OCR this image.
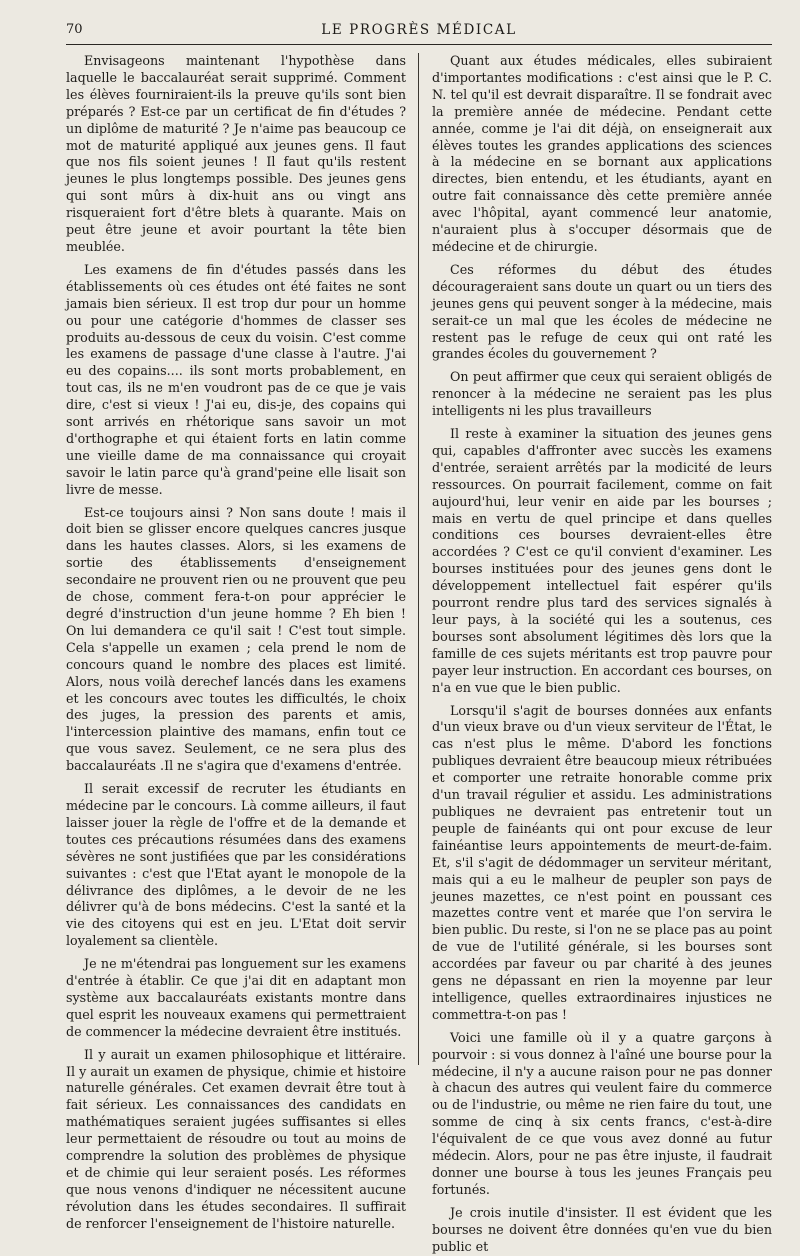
70	LE PROGRÈS MÉDICAL

Envisageons maintenant l'hypothèse dans laquelle le baccalauréat serait supprimé. Comment les élèves fourniraient-ils la preuve qu'ils sont bien préparés ? Est-ce par un certificat de fin d'études ? un diplôme de maturité ? Je n'aime pas beaucoup ce mot de maturité appliqué aux jeunes gens. Il faut que nos fils soient jeunes ! Il faut qu'ils restent jeunes le plus longtemps possible. Des jeunes gens qui sont mûrs à dix-huit ans ou vingt ans risqueraient fort d'être blets à quarante. Mais on peut être jeune et avoir pourtant la tête bien meublée.

Les examens de fin d'études passés dans les établissements où ces études ont été faites ne sont jamais bien sérieux. Il est trop dur pour un homme ou pour une catégorie d'hommes de classer ses produits au-dessous de ceux du voisin. C'est comme les examens de passage d'une classe à l'autre. J'ai eu des copains.... ils sont morts probablement, en tout cas, ils ne m'en voudront pas de ce que je vais dire, c'est si vieux ! J'ai eu, dis-je, des copains qui sont arrivés en rhétorique sans savoir un mot d'orthographe et qui étaient forts en latin comme une vieille dame de ma connaissance qui croyait savoir le latin parce qu'à grand'peine elle lisait son livre de messe.

Est-ce toujours ainsi ? Non sans doute ! mais il doit bien se glisser encore quelques cancres jusque dans les hautes classes. Alors, si les examens de sortie des établissements d'enseignement secondaire ne prouvent rien ou ne prouvent que peu de chose, comment fera-t-on pour apprécier le degré d'instruction d'un jeune homme ? Eh bien ! On lui demandera ce qu'il sait ! C'est tout simple. Cela s'appelle un examen ; cela prend le nom de concours quand le nombre des places est limité. Alors, nous voilà derechef lancés dans les examens et les concours avec toutes les difficultés, le choix des juges, la pression des parents et amis, l'intercession plaintive des mamans, enfin tout ce que vous savez. Seulement, ce ne sera plus des baccalauréats .Il ne s'agira que d'examens d'entrée.

Il serait excessif de recruter les étudiants en médecine par le concours. Là comme ailleurs, il faut laisser jouer la règle de l'offre et de la demande et toutes ces précautions résumées dans des examens sévères ne sont justifiées que par les considérations suivantes : c'est que l'Etat ayant le monopole de la délivrance des diplômes, a le devoir de ne les délivrer qu'à de bons médecins. C'est la santé et la vie des citoyens qui est en jeu. L'Etat doit servir loyalement sa clientèle.

Je ne m'étendrai pas longuement sur les examens d'entrée à établir. Ce que j'ai dit en adaptant mon système aux baccalauréats existants montre dans quel esprit les nouveaux examens qui permettraient de commencer la médecine devraient être institués.

Il y aurait un examen philosophique et littéraire. Il y aurait un examen de physique, chimie et histoire naturelle générales. Cet examen devrait être tout à fait sérieux. Les connaissances des candidats en mathématiques seraient jugées suffisantes si elles leur permettaient de résoudre ou tout au moins de comprendre la solution des problèmes de physique et de chimie qui leur seraient posés. Les réformes que nous venons d'indiquer ne nécessitent aucune révolution dans les études secondaires. Il suffirait de renforcer l'enseignement de l'histoire naturelle.

Quant aux études médicales, elles subiraient d'importantes modifications : c'est ainsi que le P. C. N. tel qu'il est devrait disparaître. Il se fondrait avec la première année de médecine. Pendant cette année, comme je l'ai dit déjà, on enseignerait aux élèves toutes les grandes applications des sciences à la médecine en se bornant aux applications directes, bien entendu, et les étudiants, ayant en outre fait connaissance dès cette première année avec l'hôpital, ayant commencé leur anatomie, n'auraient plus à s'occuper désormais que de médecine et de chirurgie.

Ces réformes du début des études décourageraient sans doute un quart ou un tiers des jeunes gens qui peuvent songer à la médecine, mais serait-ce un mal que les écoles de médecine ne restent pas le refuge de ceux qui ont raté les grandes écoles du gouvernement ?

On peut affirmer que ceux qui seraient obligés de renoncer à la médecine ne seraient pas les plus intelligents ni les plus travailleurs

Il reste à examiner la situation des jeunes gens qui, capables d'affronter avec succès les examens d'entrée, seraient arrêtés par la modicité de leurs ressources. On pourrait facilement, comme on fait aujourd'hui, leur venir en aide par les bourses ; mais en vertu de quel principe et dans quelles conditions ces bourses devraient-elles être accordées ? C'est ce qu'il convient d'examiner. Les bourses instituées pour des jeunes gens dont le développement intellectuel fait espérer qu'ils pourront rendre plus tard des services signalés à leur pays, à la société qui les a soutenus, ces bourses sont absolument légitimes dès lors que la famille de ces sujets méritants est trop pauvre pour payer leur instruction. En accordant ces bourses, on n'a en vue que le bien public.

Lorsqu'il s'agit de bourses données aux enfants d'un vieux brave ou d'un vieux serviteur de l'État, le cas n'est plus le même. D'abord les fonctions publiques devraient être beaucoup mieux rétribuées et comporter une retraite honorable comme prix d'un travail régulier et assidu. Les administrations publiques ne devraient pas entretenir tout un peuple de fainéants qui ont pour excuse de leur fainéantise leurs appointements de meurt-de-faim. Et, s'il s'agit de dédommager un serviteur méritant, mais qui a eu le malheur de peupler son pays de jeunes mazettes, ce n'est point en poussant ces mazettes contre vent et marée que l'on servira le bien public. Du reste, si l'on ne se place pas au point de vue de l'utilité générale, si les bourses sont accordées par faveur ou par charité à des jeunes gens ne dépassant en rien la moyenne par leur intelligence, quelles extraordinaires injustices ne commettra-t-on pas !

Voici une famille où il y a quatre garçons à pourvoir : si vous donnez à l'aîné une bourse pour la médecine, il n'y a aucune raison pour ne pas donner à chacun des autres qui veulent faire du commerce ou de l'industrie, ou même ne rien faire du tout, une somme de cinq à six cents francs, c'est-à-dire l'équivalent de ce que vous avez donné au futur médecin. Alors, pour ne pas être injuste, il faudrait donner une bourse à tous les jeunes Français peu fortunés.

Je crois inutile d'insister. Il est évident que les bourses ne doivent être données qu'en vue du bien public et
